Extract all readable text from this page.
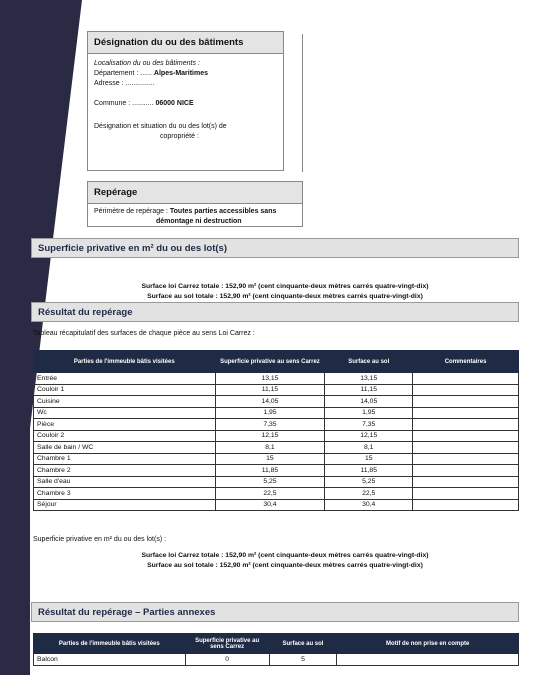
Désignation du ou des bâtiments
Localisation du ou des bâtiments :
Département : ...... Alpes-Maritimes
Adresse : ...............
Commune : ........... 06000 NICE
Désignation et situation du ou des lot(s) de
copropriété :
Repérage
Périmètre de repérage : Toutes parties accessibles sans
démontage ni destruction
Superficie privative en m² du ou des lot(s)
Surface loi Carrez totale : 152,90 m² (cent cinquante-deux mètres carrés quatre-vingt-dix)
Surface au sol totale : 152,90 m² (cent cinquante-deux mètres carrés quatre-vingt-dix)
Résultat du repérage
Tableau récapitulatif des surfaces de chaque pièce au sens Loi Carrez :
Parties de l'immeuble bâtis visitées	Superficie privative au sens Carrez	Surface au sol	Commentaires
Entrée	13,15	13,15	
Couloir 1	11,15	11,15	
Cuisine	14,05	14,05	
Wc	1,95	1,95	
Pièce	7,35	7,35	
Couloir 2	12,15	12,15	
Salle de bain / WC	8,1	8,1	
Chambre 1	15	15	
Chambre 2	11,85	11,85	
Salle d'eau	5,25	5,25	
Chambre 3	22,5	22,5	
Séjour	30,4	30,4	
Superficie privative en m² du ou des lot(s) :
Surface loi Carrez totale : 152,90 m² (cent cinquante-deux mètres carrés quatre-vingt-dix)
Surface au sol totale : 152,90 m² (cent cinquante-deux mètres carrés quatre-vingt-dix)
Résultat du repérage – Parties annexes
Parties de l'immeuble bâtis visitées	Superficie privative au sens Carrez	Surface au sol	Motif de non prise en compte
Balcon	0	5	
